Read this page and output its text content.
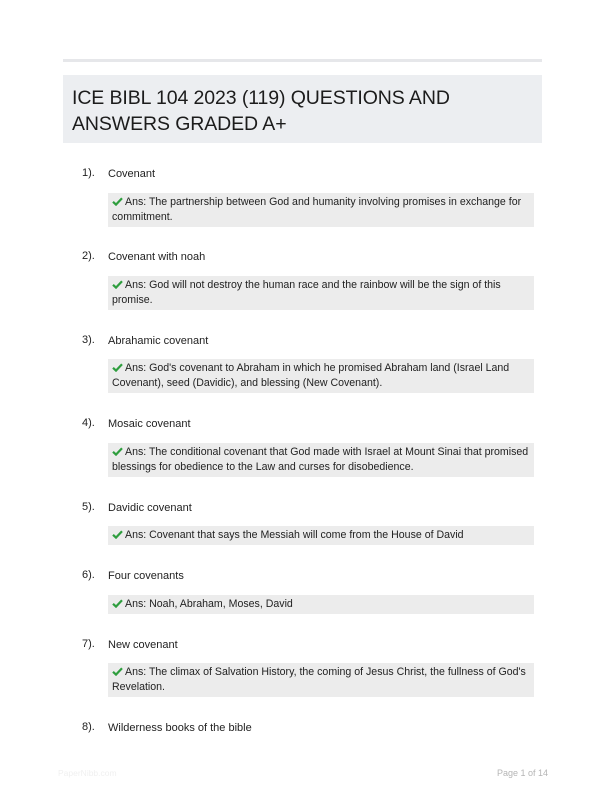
ICE BIBL 104 2023 (119) QUESTIONS AND ANSWERS GRADED A+
1). Covenant
Ans: The partnership between God and humanity involving promises in exchange for commitment.
2). Covenant with noah
Ans: God will not destroy the human race and the rainbow will be the sign of this promise.
3). Abrahamic covenant
Ans: God's covenant to Abraham in which he promised Abraham land (Israel Land Covenant), seed (Davidic), and blessing (New Covenant).
4). Mosaic covenant
Ans: The conditional covenant that God made with Israel at Mount Sinai that promised blessings for obedience to the Law and curses for disobedience.
5). Davidic covenant
Ans: Covenant that says the Messiah will come from the House of David
6). Four covenants
Ans: Noah, Abraham, Moses, David
7). New covenant
Ans: The climax of Salvation History, the coming of Jesus Christ, the fullness of God's Revelation.
8). Wilderness books of the bible
PaperNibb.com	Page 1 of 14
